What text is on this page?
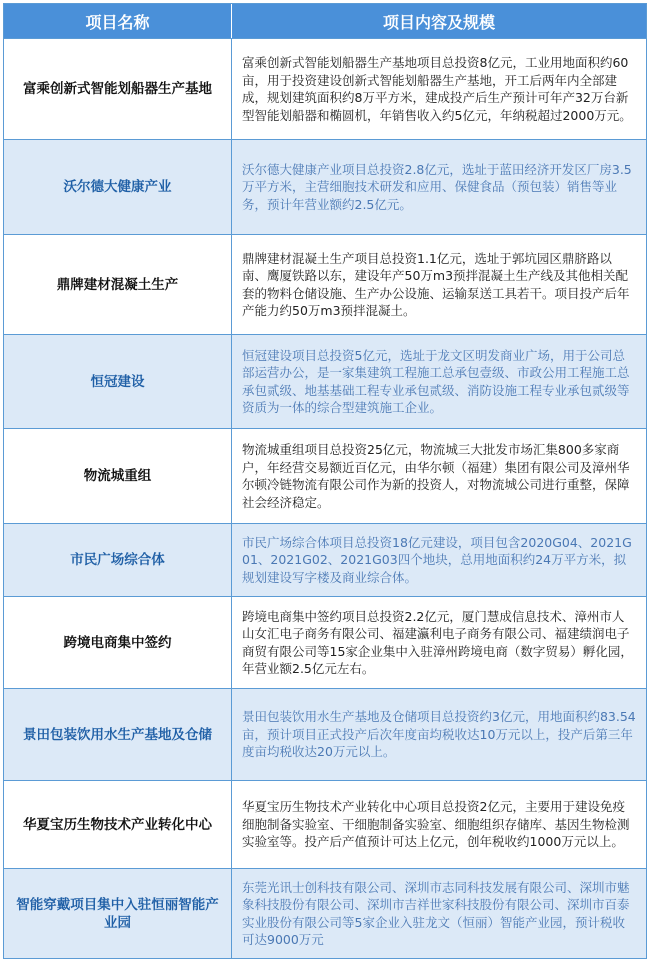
项目名称	项目内容及规模
富乘创新式智能划船器生产基地
富乘创新式智能划船器生产基地项目总投资8亿元，工业用地面积约60亩，用于投资建设创新式智能划船器生产基地，开工后两年内全部建成，规划建筑面积约8万平方米，建成投产后生产预计可年产32万台新型智能划船器和椭圆机，年销售收入约5亿元，年纳税超过2000万元。
沃尔德大健康产业
沃尔德大健康产业项目总投资2.8亿元，选址于蓝田经济开发区厂房3.5万平方米，主营细胞技术研发和应用、保健食品（预包装）销售等业务，预计年营业额约2.5亿元。
鼎牌建材混凝土生产
鼎牌建材混凝土生产项目总投资1.1亿元，选址于郭坑园区鼎脐路以南、鹰厦铁路以东，建设年产50万m3预拌混凝土生产线及其他相关配套的物料仓储设施、生产办公设施、运输泵送工具若干。项目投产后年产能力约50万m3预拌混凝土。
恒冠建设
恒冠建设项目总投资5亿元，选址于龙文区明发商业广场，用于公司总部运营办公，是一家集建筑工程施工总承包壹级、市政公用工程施工总承包贰级、地基基础工程专业承包贰级、消防设施工程专业承包贰级等资质为一体的综合型建筑施工企业。
物流城重组
物流城重组项目总投资25亿元，物流城三大批发市场汇集800多家商户，年经营交易额近百亿元，由华尔顿（福建）集团有限公司及漳州华尔顿冷链物流有限公司作为新的投资人，对物流城公司进行重整，保障社会经济稳定。
市民广场综合体
市民广场综合体项目总投资18亿元建设，项目包含2020G04、2021G01、2021G02、2021G03四个地块，总用地面积约24万平方米，拟规划建设写字楼及商业综合体。
跨境电商集中签约
跨境电商集中签约项目总投资2.2亿元，厦门慧成信息技术、漳州市人山女汇电子商务有限公司、福建瀛利电子商务有限公司、福建绩润电子商贸有限公司等15家企业集中入驻漳州跨境电商（数字贸易）孵化园，年营业额2.5亿元左右。
景田包装饮用水生产基地及仓储
景田包装饮用水生产基地及仓储项目总投资约3亿元，用地面积约83.54亩，预计项目正式投产后次年度亩均税收达10万元以上，投产后第三年度亩均税收达20万元以上。
华夏宝历生物技术产业转化中心
华夏宝历生物技术产业转化中心项目总投资2亿元，主要用于建设免疫细胞制备实验室、干细胞制备实验室、细胞组织存储库、基因生物检测实验室等。投产后产值预计可达上亿元，创年税收约1000万元以上。
智能穿戴项目集中入驻恒丽智能产业园
东莞光讯士创科技有限公司、深圳市志同科技发展有限公司、深圳市魅象科技股份有限公司、深圳市吉祥世家科技股份有限公司、深圳市百泰实业股份有限公司等5家企业入驻龙文（恒丽）智能产业园，预计税收可达9000万元
